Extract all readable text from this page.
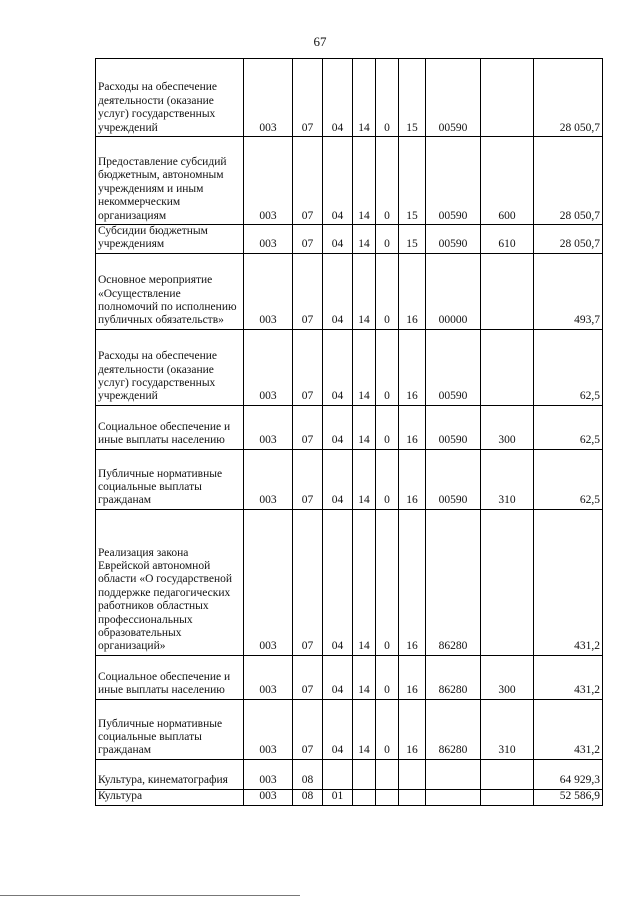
67
Расходы на обеспечение деятельности (оказание услуг) государственных учреждений	003	07	04	14	0	15	00590		28 050,7
Предоставление субсидий бюджетным, автономным учреждениям и иным некоммерческим организациям	003	07	04	14	0	15	00590	600	28 050,7
Субсидии бюджетным учреждениям	003	07	04	14	0	15	00590	610	28 050,7
Основное мероприятие «Осуществление полномочий по исполнению публичных обязательств»	003	07	04	14	0	16	00000		493,7
Расходы на обеспечение деятельности (оказание услуг) государственных учреждений	003	07	04	14	0	16	00590		62,5
Социальное обеспечение и иные выплаты населению	003	07	04	14	0	16	00590	300	62,5
Публичные нормативные социальные выплаты гражданам	003	07	04	14	0	16	00590	310	62,5
Реализация закона Еврейской автономной области «О государственой поддержке педагогических работников областных профессиональных образовательных организаций»	003	07	04	14	0	16	86280		431,2
Социальное обеспечение и иные выплаты населению	003	07	04	14	0	16	86280	300	431,2
Публичные нормативные социальные выплаты гражданам	003	07	04	14	0	16	86280	310	431,2
Культура, кинематография	003	08							64 929,3
Культура	003	08	01						52 586,9
